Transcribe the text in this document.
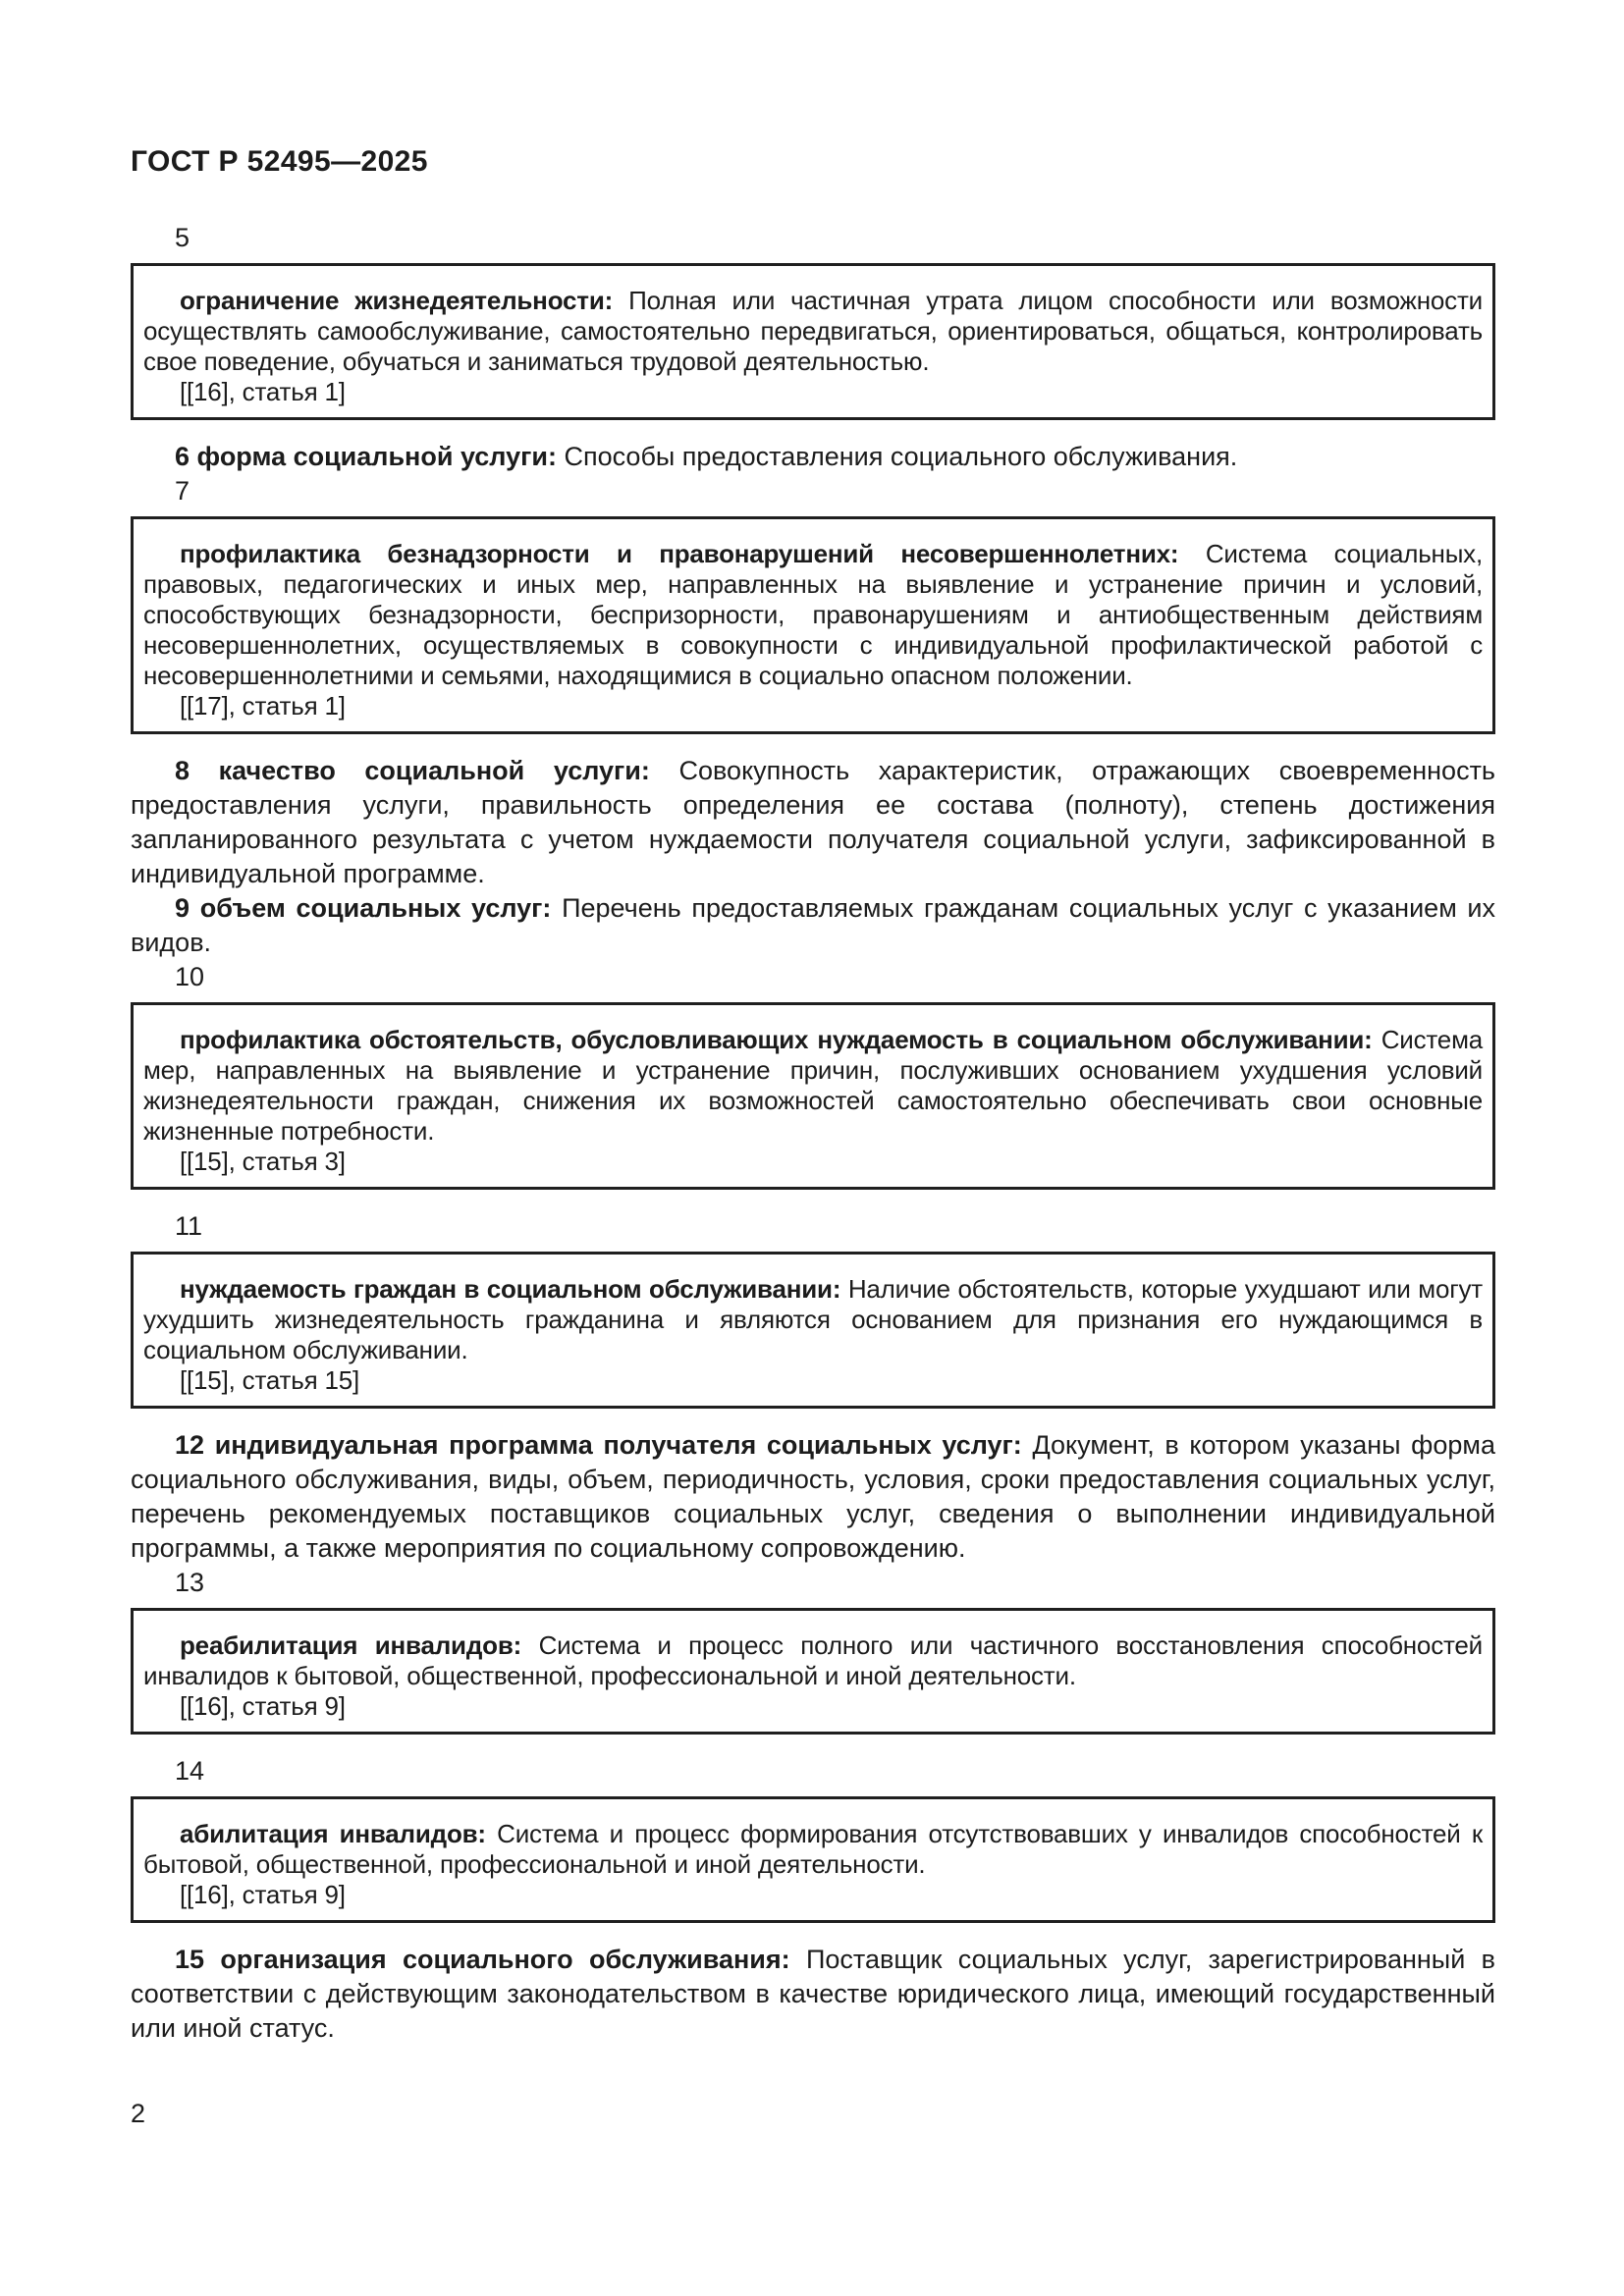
ГОСТ Р 52495—2025
5

ограничение жизнедеятельности: Полная или частичная утрата лицом способности или возможности осуществлять самообслуживание, самостоятельно передвигаться, ориентироваться, общаться, контролировать свое поведение, обучаться и заниматься трудовой деятельностью.

[[16], статья 1]

6 форма социальной услуги: Способы предоставления социального обслуживания.

7

профилактика безнадзорности и правонарушений несовершеннолетних: Система социальных, правовых, педагогических и иных мер, направленных на выявление и устранение причин и условий, способствующих безнадзорности, беспризорности, правонарушениям и антиобщественным действиям несовершеннолетних, осуществляемых в совокупности с индивидуальной профилактической работой с несовершеннолетними и семьями, находящимися в социально опасном положении.

[[17], статья 1]

8 качество социальной услуги: Совокупность характеристик, отражающих своевременность предоставления услуги, правильность определения ее состава (полноту), степень достижения запланированного результата с учетом нуждаемости получателя социальной услуги, зафиксированной в индивидуальной программе.

9 объем социальных услуг: Перечень предоставляемых гражданам социальных услуг с указанием их видов.

10

профилактика обстоятельств, обусловливающих нуждаемость в социальном обслуживании: Система мер, направленных на выявление и устранение причин, послуживших основанием ухудшения условий жизнедеятельности граждан, снижения их возможностей самостоятельно обеспечивать свои основные жизненные потребности.

[[15], статья 3]

11

нуждаемость граждан в социальном обслуживании: Наличие обстоятельств, которые ухудшают или могут ухудшить жизнедеятельность гражданина и являются основанием для признания его нуждающимся в социальном обслуживании.

[[15], статья 15]

12 индивидуальная программа получателя социальных услуг: Документ, в котором указаны форма социального обслуживания, виды, объем, периодичность, условия, сроки предоставления социальных услуг, перечень рекомендуемых поставщиков социальных услуг, сведения о выполнении индивидуальной программы, а также мероприятия по социальному сопровождению.

13

реабилитация инвалидов: Система и процесс полного или частичного восстановления способностей инвалидов к бытовой, общественной, профессиональной и иной деятельности.

[[16], статья 9]

14

абилитация инвалидов: Система и процесс формирования отсутствовавших у инвалидов способностей к бытовой, общественной, профессиональной и иной деятельности.

[[16], статья 9]

15 организация социального обслуживания: Поставщик социальных услуг, зарегистрированный в соответствии с действующим законодательством в качестве юридического лица, имеющий государственный или иной статус.

2
